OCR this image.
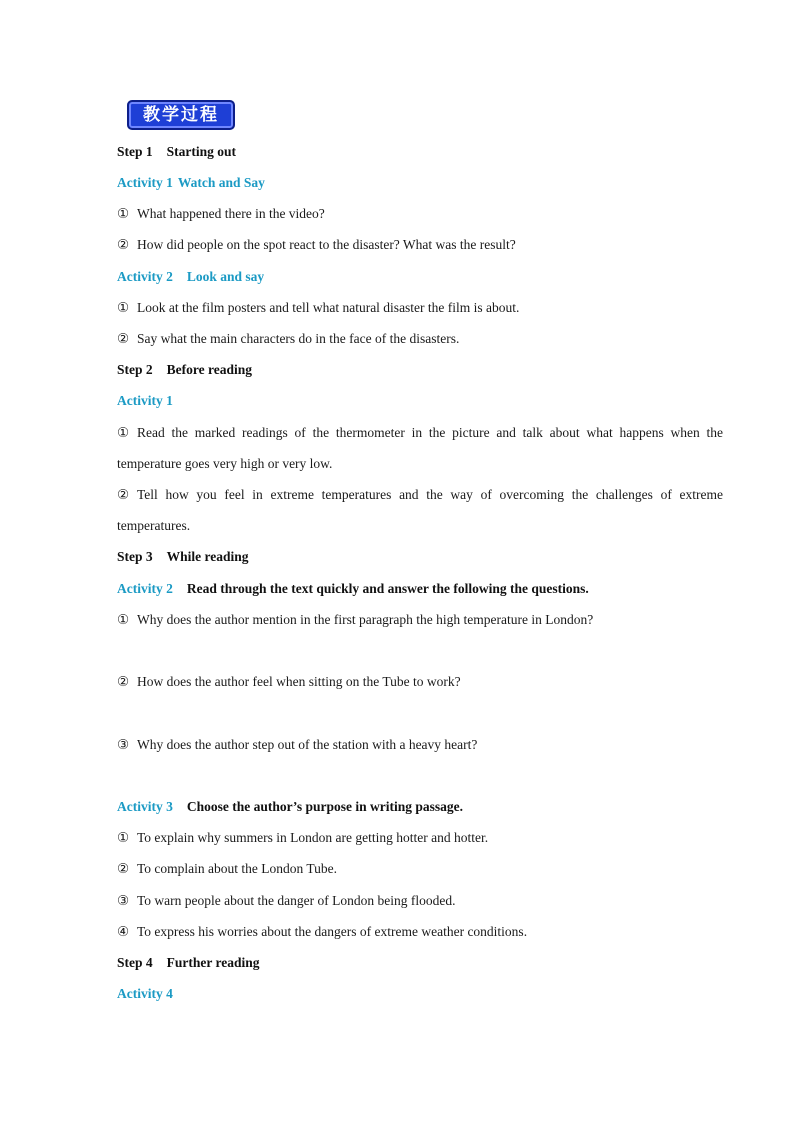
教学过程
Step 1 Starting out
Activity 1 Watch and Say
① What happened there in the video?
② How did people on the spot react to the disaster? What was the result?
Activity 2 Look and say
① Look at the film posters and tell what natural disaster the film is about.
② Say what the main characters do in the face of the disasters.
Step 2 Before reading
Activity 1
① Read the marked readings of the thermometer in the picture and talk about what happens when the
temperature goes very high or very low.
② Tell how you feel in extreme temperatures and the way of overcoming the challenges of extreme
temperatures.
Step 3 While reading
Activity 2 Read through the text quickly and answer the following the questions.
① Why does the author mention in the first paragraph the high temperature in London?
② How does the author feel when sitting on the Tube to work?
③ Why does the author step out of the station with a heavy heart?
Activity 3 Choose the author’s purpose in writing passage.
① To explain why summers in London are getting hotter and hotter.
② To complain about the London Tube.
③ To warn people about the danger of London being flooded.
④ To express his worries about the dangers of extreme weather conditions.
Step 4 Further reading
Activity 4
